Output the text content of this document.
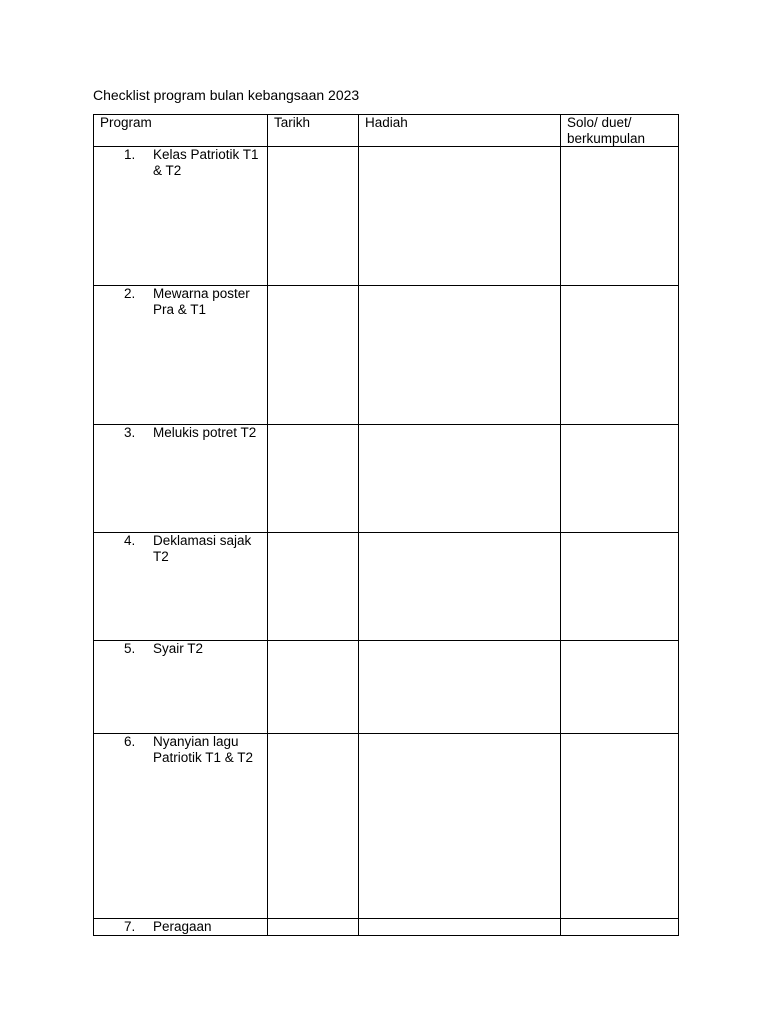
Checklist program bulan kebangsaan 2023
Program	Tarikh	Hadiah	Solo/ duet/ berkumpulan

1. Kelas Patriotik T1 & T2			

2. Mewarna poster Pra & T1			

3. Melukis potret T2			

4. Deklamasi sajak T2			

5. Syair T2			

6. Nyanyian lagu Patriotik T1 & T2			

7. Peragaan			
